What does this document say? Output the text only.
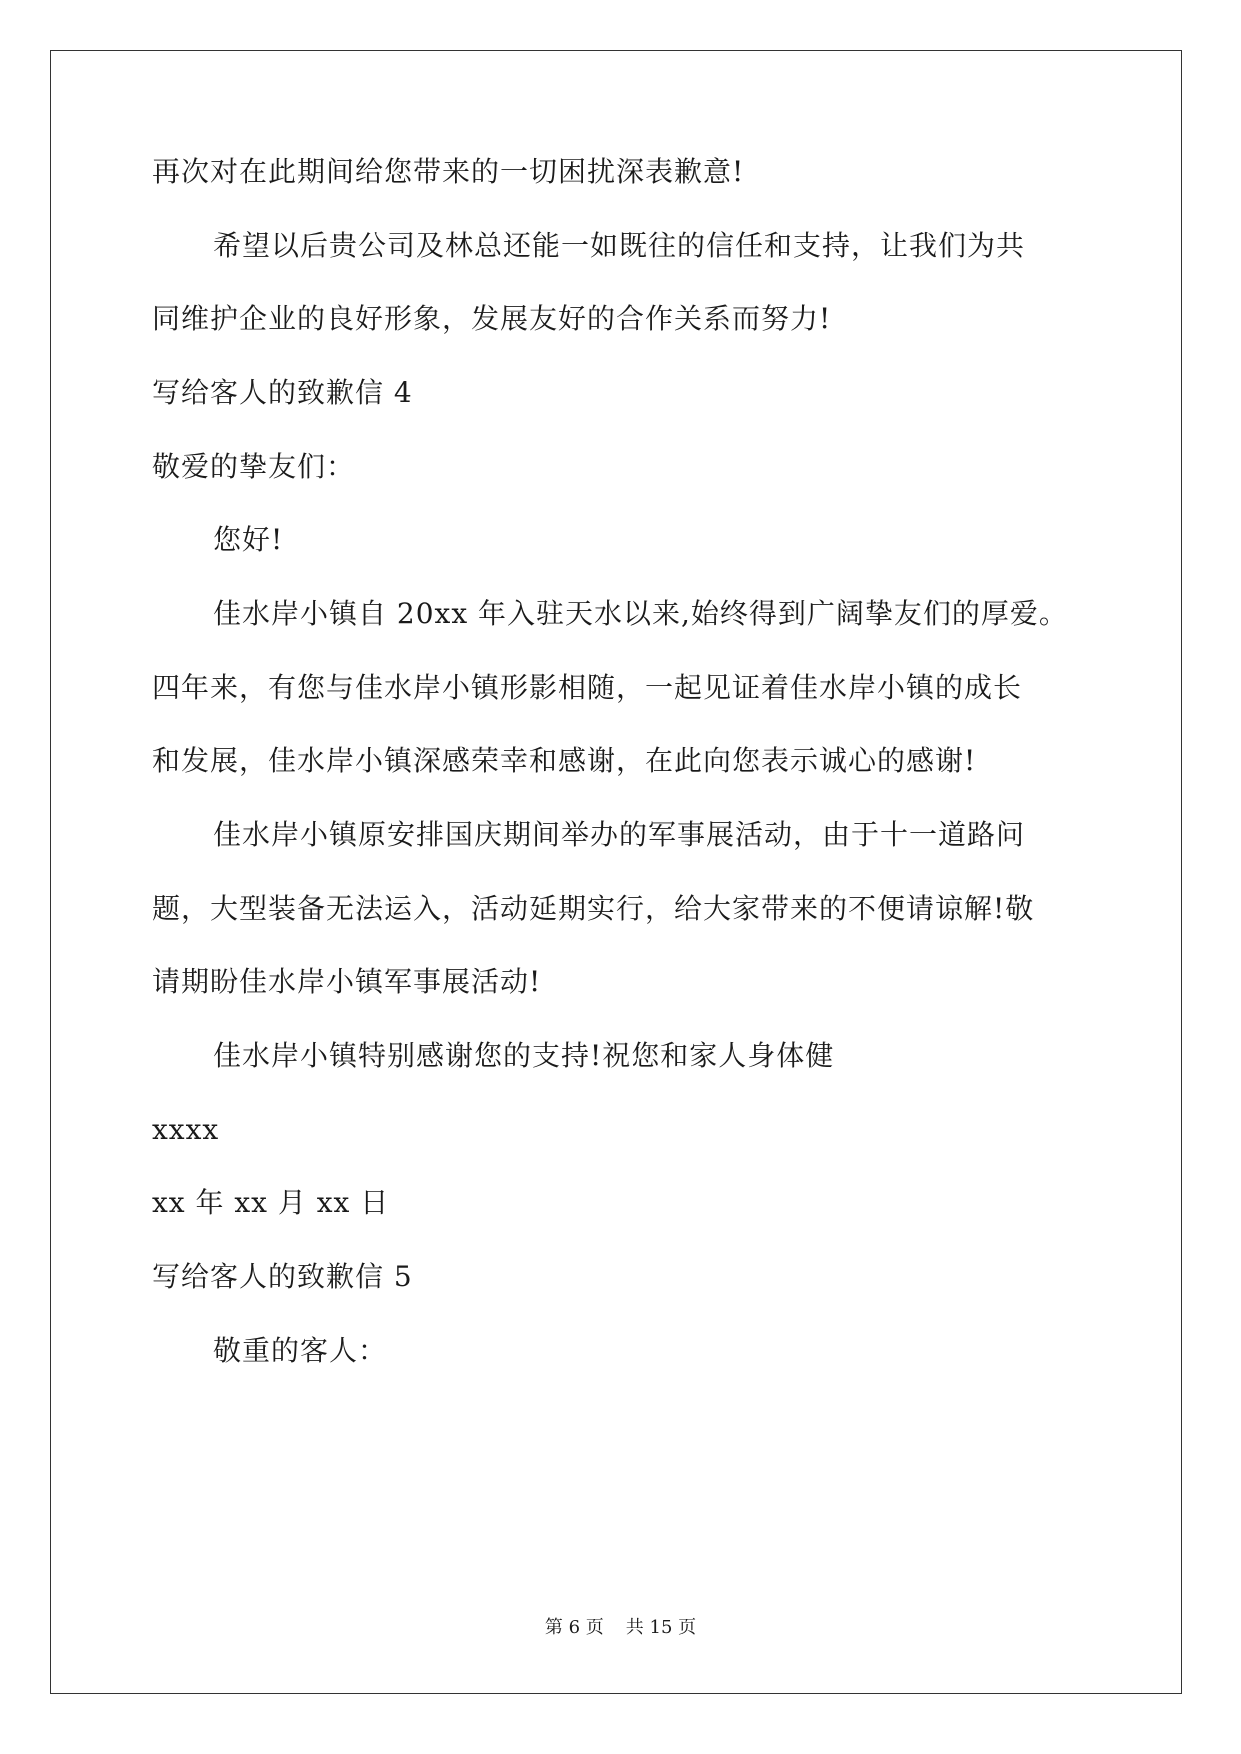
再次对在此期间给您带来的一切困扰深表歉意!
希望以后贵公司及林总还能一如既往的信任和支持，让我们为共
同维护企业的良好形象，发展友好的合作关系而努力!
写给客人的致歉信 4
敬爱的挚友们：
您好!
佳水岸小镇自 20xx 年入驻天水以来,始终得到广阔挚友们的厚爱。
四年来，有您与佳水岸小镇形影相随，一起见证着佳水岸小镇的成长
和发展，佳水岸小镇深感荣幸和感谢，在此向您表示诚心的感谢!
佳水岸小镇原安排国庆期间举办的军事展活动，由于十一道路问
题，大型装备无法运入，活动延期实行，给大家带来的不便请谅解!敬
请期盼佳水岸小镇军事展活动!
佳水岸小镇特别感谢您的支持!祝您和家人身体健
xxxx
xx 年 xx 月 xx 日
写给客人的致歉信 5
敬重的客人：
第 6 页 共 15 页
